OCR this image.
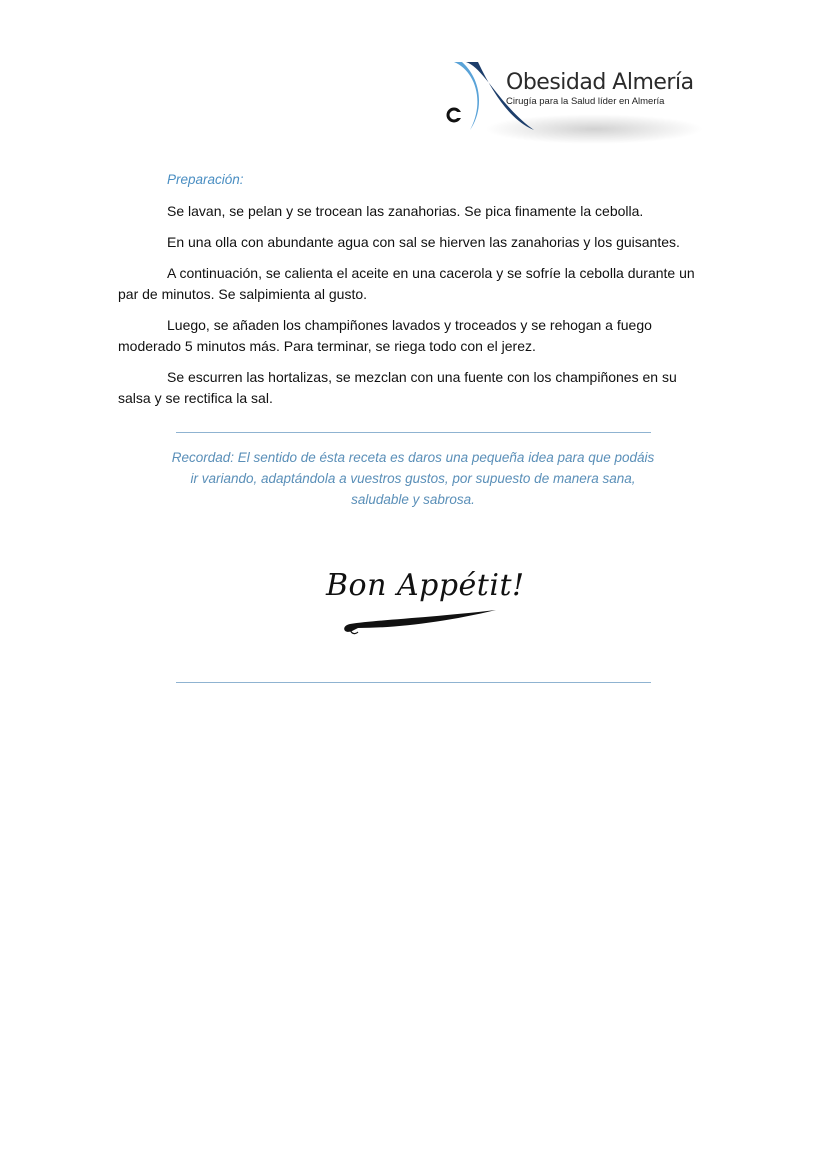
Obesidad Almería
Cirugía para la Salud líder en Almería
Preparación:

Se lavan, se pelan y se trocean las zanahorias. Se pica finamente la cebolla.

En una olla con abundante agua con sal se hierven las zanahorias y los guisantes.

A continuación, se calienta el aceite en una cacerola y se sofríe la cebolla durante un par de minutos. Se salpimienta al gusto.

Luego, se añaden los champiñones lavados y troceados y se rehogan a fuego moderado 5 minutos más. Para terminar, se riega todo con el jerez.

Se escurren las hortalizas, se mezclan con una fuente con los champiñones en su salsa y se rectifica la sal.

Recordad: El sentido de ésta receta es daros una pequeña idea para que podáis ir variando, adaptándola a vuestros gustos, por supuesto de manera sana, saludable y sabrosa.
Bon Appétit!
